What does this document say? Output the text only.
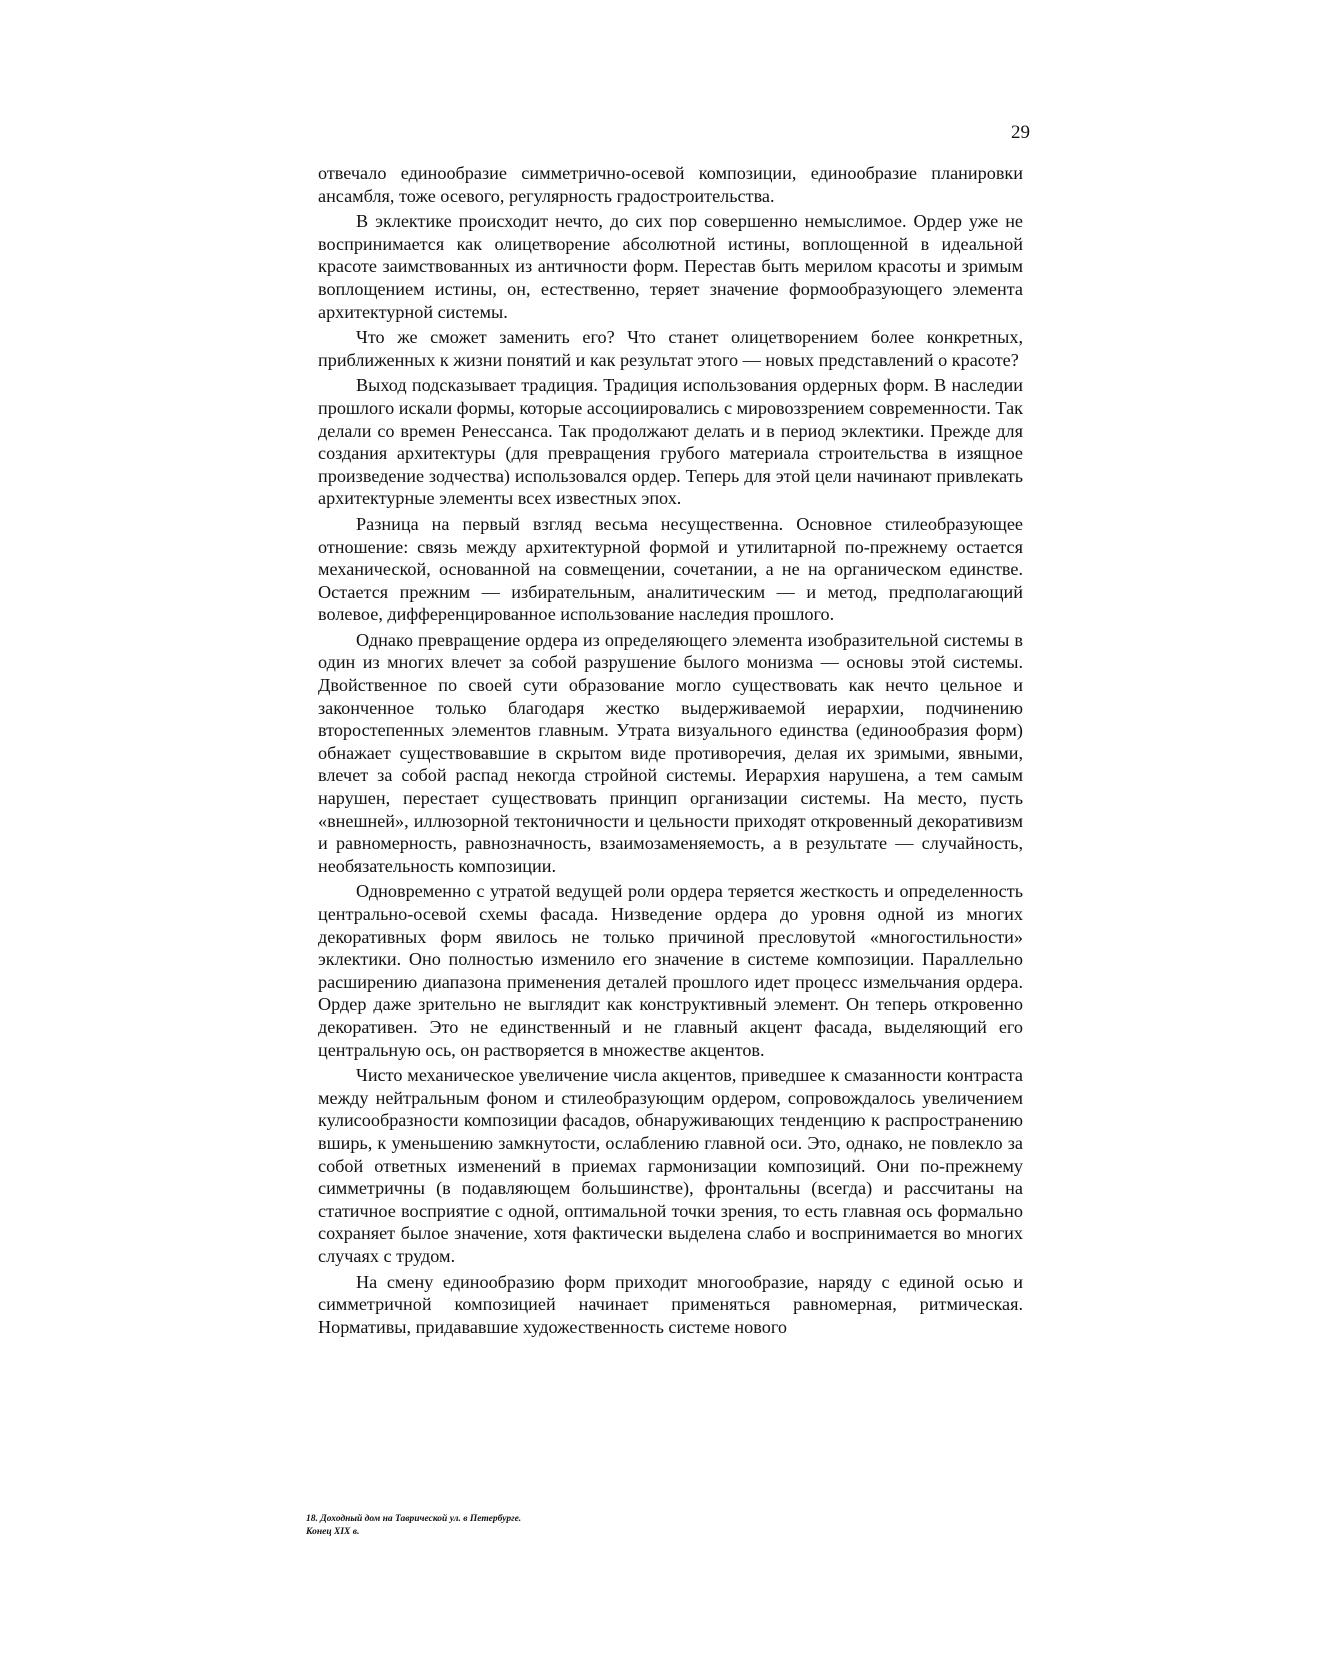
29

отвечало единообразие симметрично-осевой композиции, единообразие планировки ансамбля, тоже осевого, регулярность градостроительства.

В эклектике происходит нечто, до сих пор совершенно немыслимое. Ордер уже не воспринимается как олицетворение абсолютной истины, воплощенной в идеальной красоте заимствованных из античности форм. Перестав быть мерилом красоты и зримым воплощением истины, он, естественно, теряет значение формообразующего элемента архитектурной системы.

Что же сможет заменить его? Что станет олицетворением более конкретных, приближенных к жизни понятий и как результат этого — новых представлений о красоте?

Выход подсказывает традиция. Традиция использования ордерных форм. В наследии прошлого искали формы, которые ассоциировались с мировоззрением современности. Так делали со времен Ренессанса. Так продолжают делать и в период эклектики. Прежде для создания архитектуры (для превращения грубого материала строительства в изящное произведение зодчества) использовался ордер. Теперь для этой цели начинают привлекать архитектурные элементы всех известных эпох.

Разница на первый взгляд весьма несущественна. Основное стилеобразующее отношение: связь между архитектурной формой и утилитарной по-прежнему остается механической, основанной на совмещении, сочетании, а не на органическом единстве. Остается прежним — избирательным, аналитическим — и метод, предполагающий волевое, дифференцированное использование наследия прошлого.

Однако превращение ордера из определяющего элемента изобразительной системы в один из многих влечет за собой разрушение былого монизма — основы этой системы. Двойственное по своей сути образование могло существовать как нечто цельное и законченное только благодаря жестко выдерживаемой иерархии, подчинению второстепенных элементов главным. Утрата визуального единства (единообразия форм) обнажает существовавшие в скрытом виде противоречия, делая их зримыми, явными, влечет за собой распад некогда стройной системы. Иерархия нарушена, а тем самым нарушен, перестает существовать принцип организации системы. На место, пусть «внешней», иллюзорной тектоничности и цельности приходят откровенный декоративизм и равномерность, равнозначность, взаимозаменяемость, а в результате — случайность, необязательность композиции.

Одновременно с утратой ведущей роли ордера теряется жесткость и определенность центрально-осевой схемы фасада. Низведение ордера до уровня одной из многих декоративных форм явилось не только причиной пресловутой «многостильности» эклектики. Оно полностью изменило его значение в системе композиции. Параллельно расширению диапазона применения деталей прошлого идет процесс измельчания ордера. Ордер даже зрительно не выглядит как конструктивный элемент. Он теперь откровенно декоративен. Это не единственный и не главный акцент фасада, выделяющий его центральную ось, он растворяется в множестве акцентов.

Чисто механическое увеличение числа акцентов, приведшее к смазанности контраста между нейтральным фоном и стилеобразующим ордером, сопровождалось увеличением кулисообразности композиции фасадов, обнаруживающих тенденцию к распространению вширь, к уменьшению замкнутости, ослаблению главной оси. Это, однако, не повлекло за собой ответных изменений в приемах гармонизации композиций. Они по-прежнему симметричны (в подавляющем большинстве), фронтальны (всегда) и рассчитаны на статичное восприятие с одной, оптимальной точки зрения, то есть главная ось формально сохраняет былое значение, хотя фактически выделена слабо и воспринимается во многих случаях с трудом.

На смену единообразию форм приходит многообразие, наряду с единой осью и симметричной композицией начинает применяться равномерная, ритмическая. Нормативы, придававшие художественность системе нового

18. Доходный дом на Таврической ул. в Петербурге.
Конец XIX в.
